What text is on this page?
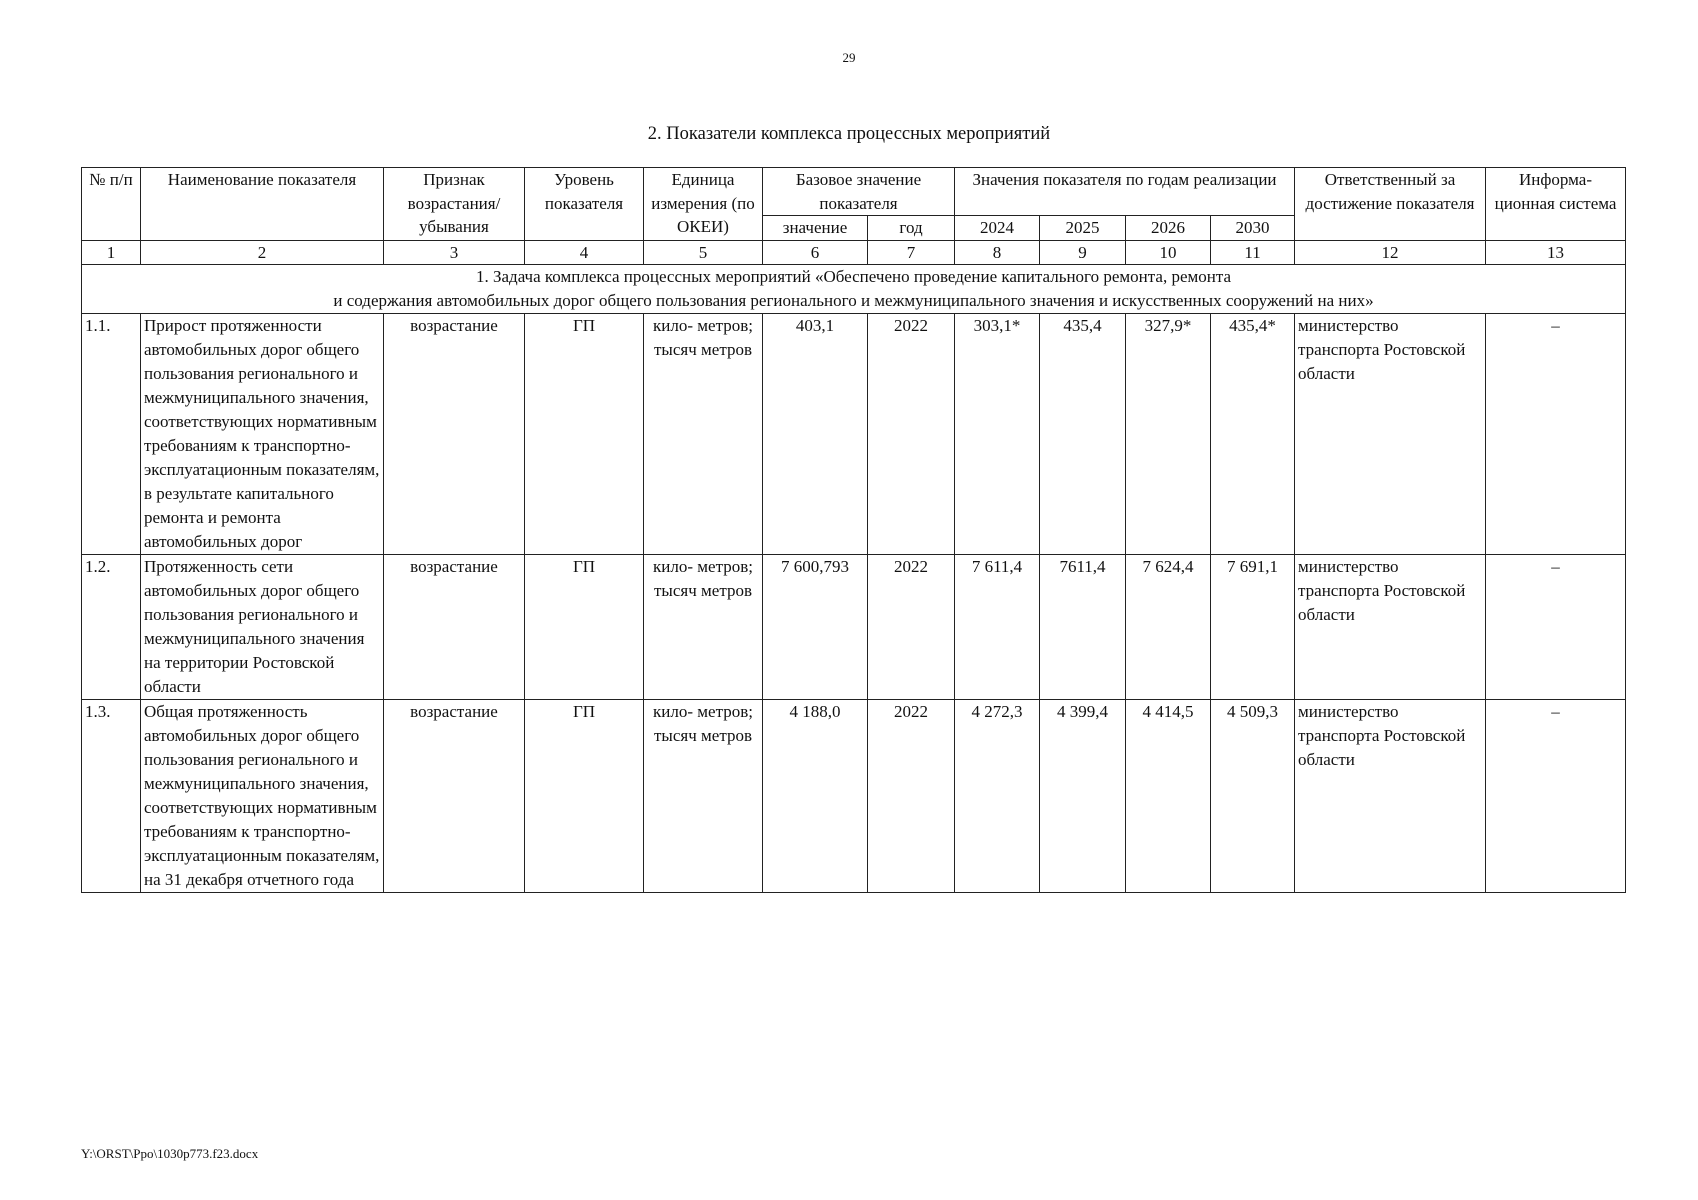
29
2. Показатели комплекса процессных мероприятий
№ п/п	Наименование показателя	Признак возрастания/ убывания	Уровень показателя	Единица измерения (по ОКЕИ)	Базовое значение показателя		Значения показателя по годам реализации				Ответственный за достижение показателя	Информа- ционная система
					значение	год	2024	2025	2026	2030		
1	2	3	4	5	6	7	8	9	10	11	12	13

1. Задача комплекса процессных мероприятий «Обеспечено проведение капитального ремонта, ремонта
и содержания автомобильных дорог общего пользования регионального и межмуниципального значения и искусственных сооружений на них»												

1.1.	Прирост протяженности автомобильных дорог общего пользования регионального и межмуниципального значения, соответствующих нормативным требованиям к транспортно-эксплуатационным показателям, в результате капитального ремонта и ремонта автомобильных дорог	возрастание	ГП	кило- метров; тысяч метров	403,1	2022	303,1*	435,4	327,9*	435,4*	министерство транспорта Ростовской области	–
1.2.	Протяженность сети автомобильных дорог общего пользования регионального и межмуниципального значения на территории Ростовской области	возрастание	ГП	кило- метров; тысяч метров	7 600,793	2022	7 611,4	7611,4	7 624,4	7 691,1	министерство транспорта Ростовской области	–
1.3.	Общая протяженность автомобильных дорог общего пользования регионального и межмуниципального значения, соответствующих нормативным требованиям к транспортно-эксплуатационным показателям, на 31 декабря отчетного года	возрастание	ГП	кило- метров; тысяч метров	4 188,0	2022	4 272,3	4 399,4	4 414,5	4 509,3	министерство транспорта Ростовской области	–
Y:\ORST\Ppo\1030p773.f23.docx
